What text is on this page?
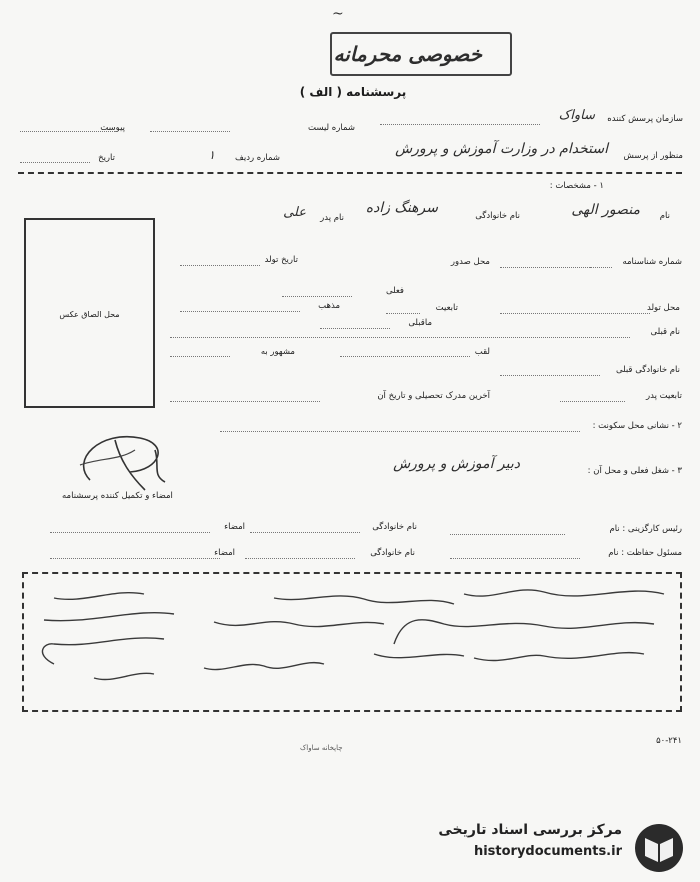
~
خصوصی محرمانه
پرسشنامه ( الف )
سازمان پرسش کننده
ساواک
شماره لیست
پیوست
منظور از پرسش
استخدام در وزارت آموزش و پرورش
شماره ردیف
۱
تاریخ
۱ - مشخصات :
محل الصاق عکس
نام
منصور الهی
نام خانوادگی
سرهنگ زاده
نام پدر
علی
شماره شناسنامه
محل صدور
تاریخ تولد
فعلی
محل تولد
تابعیت
مذهب
ماقبلی
نام قبلی
لقب
مشهور به
نام خانوادگی قبلی
تابعیت پدر
آخرین مدرک تحصیلی و تاریخ آن
۲ - نشانی محل سکونت :
۳ - شغل فعلی و محل آن :
دبیر آموزش و پرورش
امضاء و تکمیل کننده پرسشنامه
رئیس کارگزینی : نام
نام خانوادگی
امضاء
مسئول حفاظت : نام
نام خانوادگی
امضاء
۵۰-۲۴۱
چاپخانه ساواک
مرکز بررسی اسناد تاریخی
historydocuments.ir
